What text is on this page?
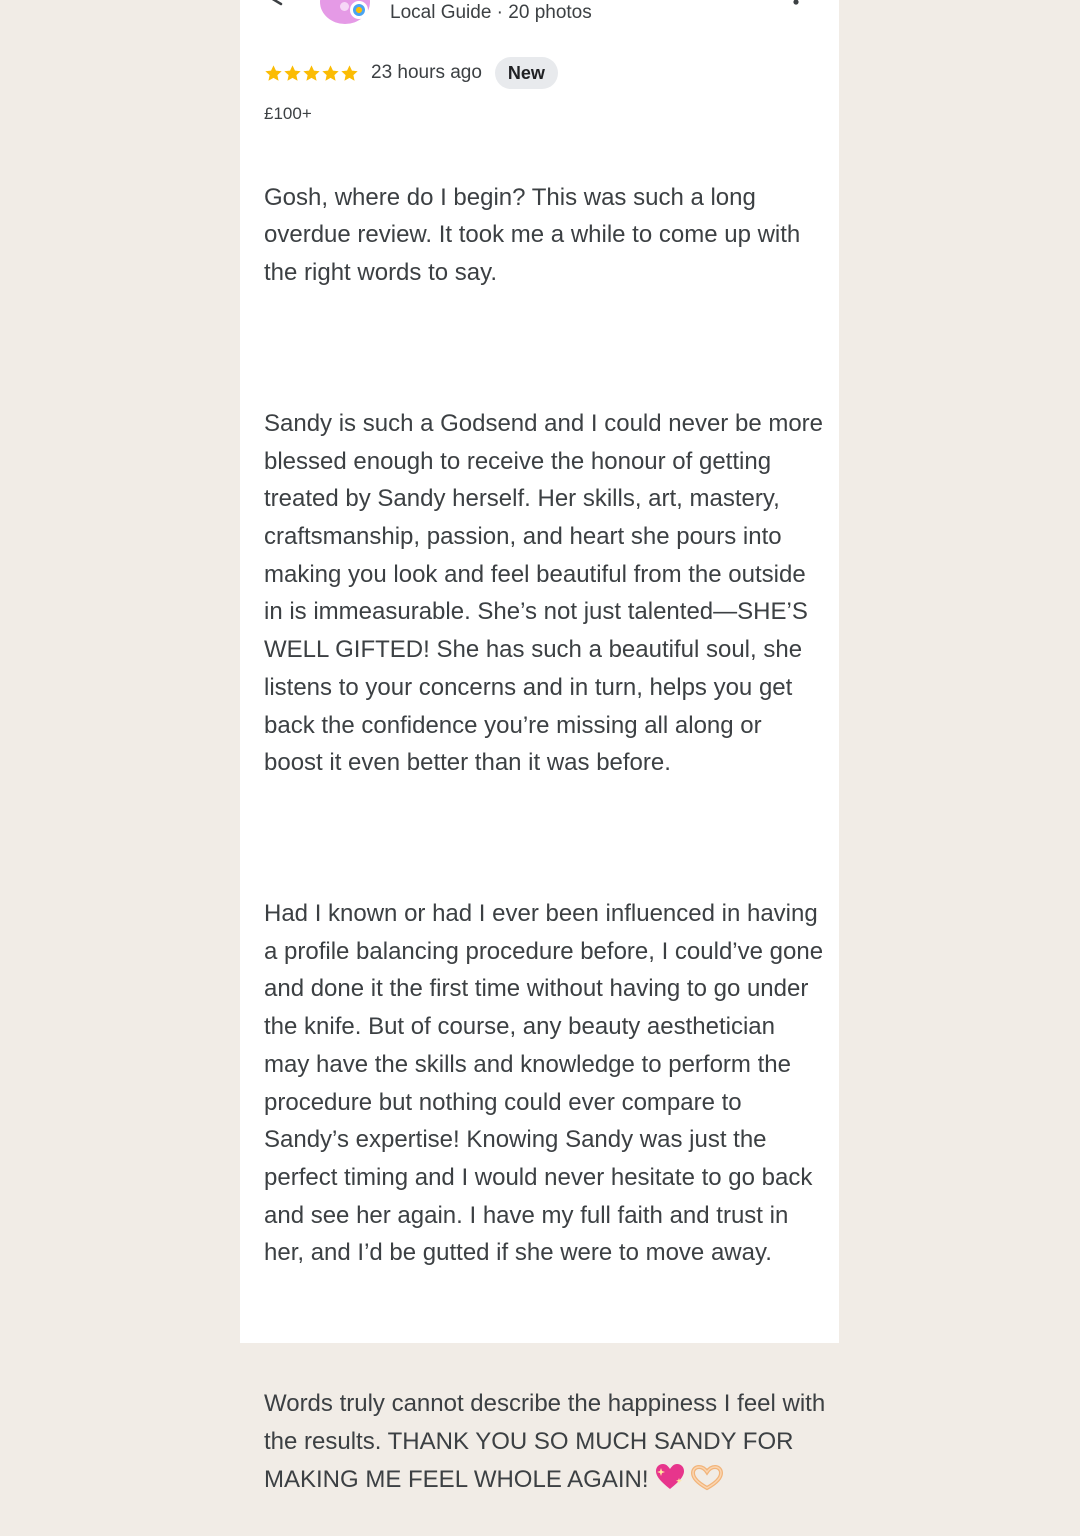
Local Guide · 20 photos
23 hours ago	New
£100+

Gosh, where do I begin? This was such a long overdue review. It took me a while to come up with the right words to say.

Sandy is such a Godsend and I could never be more blessed enough to receive the honour of getting treated by Sandy herself. Her skills, art, mastery, craftsmanship, passion, and heart she pours into making you look and feel beautiful from the outside in is immeasurable. She’s not just talented—SHE’S WELL GIFTED! She has such a beautiful soul, she listens to your concerns and in turn, helps you get back the confidence you’re missing all along or boost it even better than it was before.

Had I known or had I ever been influenced in having a profile balancing procedure before, I could’ve gone and done it the first time without having to go under the knife. But of course, any beauty aesthetician may have the skills and knowledge to perform the procedure but nothing could ever compare to Sandy’s expertise! Knowing Sandy was just the perfect timing and I would never hesitate to go back and see her again. I have my full faith and trust in her, and I’d be gutted if she were to move away.

Words truly cannot describe the happiness I feel with the results. THANK YOU SO MUCH SANDY FOR MAKING ME FEEL WHOLE AGAIN!
